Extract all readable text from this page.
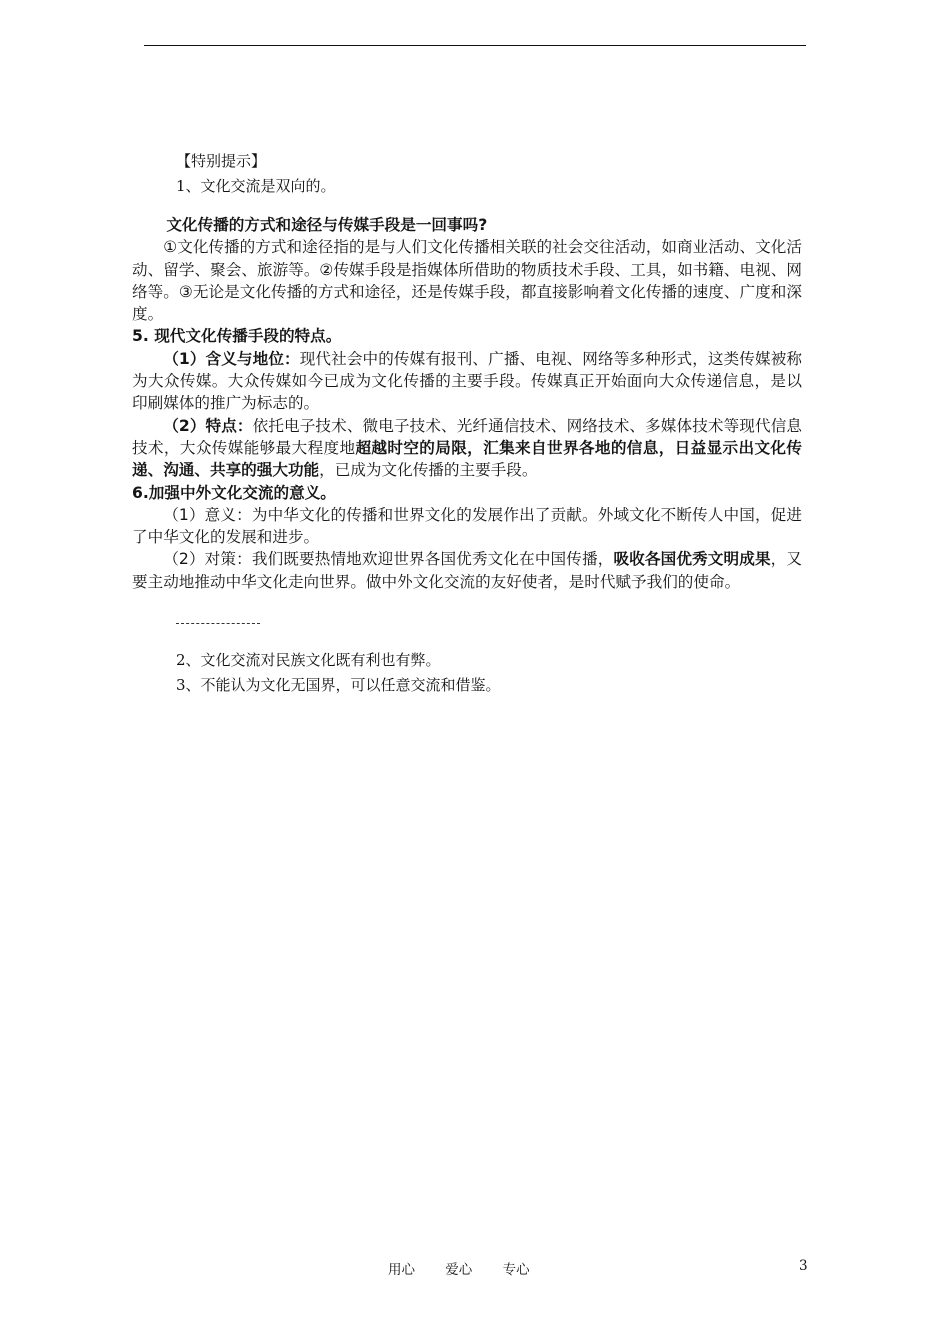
【特别提示】
1、文化交流是双向的。

文化传播的方式和途径与传媒手段是一回事吗?

①文化传播的方式和途径指的是与人们文化传播相关联的社会交往活动，如商业活动、文化活动、留学、聚会、旅游等。②传媒手段是指媒体所借助的物质技术手段、工具，如书籍、电视、网络等。③无论是文化传播的方式和途径，还是传媒手段，都直接影响着文化传播的速度、广度和深度。

5. 现代文化传播手段的特点。

（1）含义与地位：现代社会中的传媒有报刊、广播、电视、网络等多种形式，这类传媒被称为大众传媒。大众传媒如今已成为文化传播的主要手段。传媒真正开始面向大众传递信息，是以印刷媒体的推广为标志的。

（2）特点：依托电子技术、微电子技术、光纤通信技术、网络技术、多媒体技术等现代信息技术，大众传媒能够最大程度地超越时空的局限，汇集来自世界各地的信息，日益显示出文化传递、沟通、共享的强大功能，已成为文化传播的主要手段。

6.加强中外文化交流的意义。

（1）意义：为中华文化的传播和世界文化的发展作出了贡献。外域文化不断传人中国，促进了中华文化的发展和进步。

（2）对策：我们既要热情地欢迎世界各国优秀文化在中国传播，吸收各国优秀文明成果，又要主动地推动中华文化走向世界。做中外文化交流的友好使者，是时代赋予我们的使命。

2、文化交流对民族文化既有利也有弊。
3、不能认为文化无国界，可以任意交流和借鉴。
用心 爱心 专心	3
